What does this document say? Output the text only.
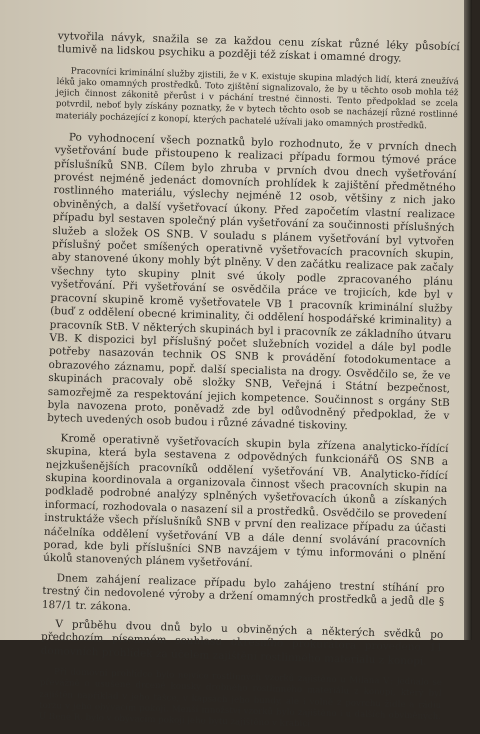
vytvořila návyk, snažila se za každou cenu získat různé léky působící tlumivě na lidskou psychiku a později též získat i omamné drogy.

Pracovníci kriminální služby zjistili, že v K. existuje skupina mladých lidí, která zneužívá léků jako omamných prostředků. Toto zjištění signalizovalo, že by u těchto osob mohla též jejich činnost zákonitě přerůst i v páchání trestné činnosti. Tento předpoklad se zcela potvrdil, neboť byly získány poznatky, že v bytech těchto osob se nacházejí různé rostlinné materiály pocházející z konopí, kterých pachatelé užívali jako omamných prostředků.

Po vyhodnocení všech poznatků bylo rozhodnuto, že v prvních dnech vyšetřování bude přistoupeno k realizaci případu formou týmové práce příslušníků SNB. Cílem bylo zhruba v prvních dvou dnech vyšetřování provést nejméně jedenáct domovních prohlídek k zajištění předmětného rostlinného materiálu, výslechy nejméně 12 osob, většiny z nich jako obviněných, a další vyšetřovací úkony. Před započetím vlastní realizace případu byl sestaven společný plán vyšetřování za součinnosti příslušných služeb a složek OS SNB. V souladu s plánem vyšetřování byl vytvořen příslušný počet smíšených operativně vyšetřovacích pracovních skupin, aby stanovené úkony mohly být plněny. V den začátku realizace pak začaly všechny tyto skupiny plnit své úkoly podle zpracovaného plánu vyšetřování. Při vyšetřování se osvědčila práce ve trojicích, kde byl v pracovní skupině kromě vyšetřovatele VB 1 pracovník kriminální služby (buď z oddělení obecné kriminality, či oddělení hospodářské kriminality) a pracovník StB. V některých skupinách byl i pracovník ze základního útvaru VB. K dispozici byl příslušný počet služebních vozidel a dále byl podle potřeby nasazován technik OS SNB k provádění fotodokumentace a obrazového záznamu, popř. další specialista na drogy. Osvědčilo se, že ve skupinách pracovaly obě složky SNB, Veřejná i Státní bezpečnost, samozřejmě za respektování jejich kompetence. Součinnost s orgány StB byla navozena proto, poněvadž zde byl odůvodněný předpoklad, že v bytech uvedených osob budou i různé závadné tiskoviny.

Kromě operativně vyšetřovacích skupin byla zřízena analyticko-řídící skupina, která byla sestavena z odpovědných funkcionářů OS SNB a nejzkušenějších pracovníků oddělení vyšetřování VB. Analyticko-řídící skupina koordinovala a organizovala činnost všech pracovních skupin na podkladě podrobné analýzy splněných vyšetřovacích úkonů a získaných informací, rozhodovala o nasazení sil a prostředků. Osvědčilo se provedení instruktáže všech příslušníků SNB v první den realizace případu za účasti náčelníka oddělení vyšetřování VB a dále denní svolávání pracovních porad, kde byli příslušníci SNB navzájem v týmu informováni o plnění úkolů stanovených plánem vyšetřování.

Dnem zahájení realizace případu bylo zahájeno trestní stíhání pro trestný čin nedovolené výroby a držení omamných prostředků a jedů dle § 187/1 tr. zákona.

V průběhu dvou dnů bylo u obviněných a některých svědků po předchozím písemném souhlasu okresního prokurátora provedeno 11 domovních prohlídek za účelem zajištění rostlinného materiálu z konopí.

Při domovní prohlídce bylo nejvíce rostlinných vzorků zajištěno u Milana V.; jednalo se převážně o usušené drcené kousky drobného rostlinného materiálu z konopí, který byl zajištěn například v jeho tašce, v kapsách jeho bundy, ale i volně z povrchu židle a rádiu torzu v jeho obývacím pokoji. Menší množství vzorků bylo zajištěno i u dalších obviněných. U René R. bylo v obývacím pokoji jeho bytu zajištěno v krabici
